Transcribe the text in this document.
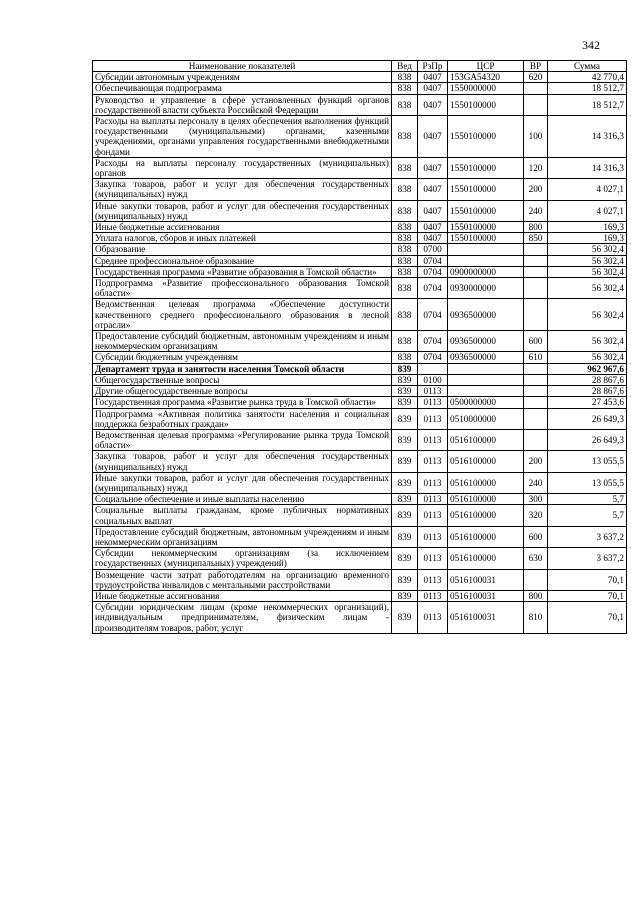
342
Наименование показателей	Вед	РзПр	ЦСР	ВР	Сумма
Субсидии автономным учреждениям	838	0407	153GA54320	620	42 770,4
Обеспечивающая подпрограмма	838	0407	1550000000		18 512,7
Руководство и управление в сфере установленных функций органов государственной власти субъекта Российской Федерации	838	0407	1550100000		18 512,7
Расходы на выплаты персоналу в целях обеспечения выполнения функций государственными (муниципальными) органами, казенными учреждениями, органами управления государственными внебюджетными фондами	838	0407	1550100000	100	14 316,3
Расходы на выплаты персоналу государственных (муниципальных) органов	838	0407	1550100000	120	14 316,3
Закупка товаров, работ и услуг для обеспечения государственных (муниципальных) нужд	838	0407	1550100000	200	4 027,1
Иные закупки товаров, работ и услуг для обеспечения государственных (муниципальных) нужд	838	0407	1550100000	240	4 027,1
Иные бюджетные ассигнования	838	0407	1550100000	800	169,3
Уплата налогов, сборов и иных платежей	838	0407	1550100000	850	169,3
Образование	838	0700			56 302,4
Среднее профессиональное образование	838	0704			56 302,4
Государственная программа «Развитие образования в Томской области»	838	0704	0900000000		56 302,4
Подпрограмма «Развитие профессионального образования Томской области»	838	0704	0930000000		56 302,4
Ведомственная целевая программа «Обеспечение доступности качественного среднего профессионального образования в лесной отрасли»	838	0704	0936500000		56 302,4
Предоставление субсидий бюджетным, автономным учреждениям и иным некоммерческим организациям	838	0704	0936500000	600	56 302,4
Субсидии бюджетным учреждениям	838	0704	0936500000	610	56 302,4
Департамент труда и занятости населения Томской области	839				962 967,6
Общегосударственные вопросы	839	0100			28 867,6
Другие общегосударственные вопросы	839	0113			28 867,6
Государственная программа «Развитие рынка труда в Томской области»	839	0113	0500000000		27 453,6
Подпрограмма «Активная политика занятости населения и социальная поддержка безработных граждан»	839	0113	0510000000		26 649,3
Ведомственная целевая программа «Регулирование рынка труда Томской области»	839	0113	0516100000		26 649,3
Закупка товаров, работ и услуг для обеспечения государственных (муниципальных) нужд	839	0113	0516100000	200	13 055,5
Иные закупки товаров, работ и услуг для обеспечения государственных (муниципальных) нужд	839	0113	0516100000	240	13 055,5
Социальное обеспечение и иные выплаты населению	839	0113	0516100000	300	5,7
Социальные выплаты гражданам, кроме публичных нормативных социальных выплат	839	0113	0516100000	320	5,7
Предоставление субсидий бюджетным, автономным учреждениям и иным некоммерческим организациям	839	0113	0516100000	600	3 637,2
Субсидии некоммерческим организациям (за исключением государственных (муниципальных) учреждений)	839	0113	0516100000	630	3 637,2
Возмещение части затрат работодателям на организацию временного трудоустройства инвалидов с ментальными расстройствами	839	0113	0516100031		70,1
Иные бюджетные ассигнования	839	0113	0516100031	800	70,1
Субсидии юридическим лицам (кроме некоммерческих организаций), индивидуальным предпринимателям, физическим лицам - производителям товаров, работ, услуг	839	0113	0516100031	810	70,1
